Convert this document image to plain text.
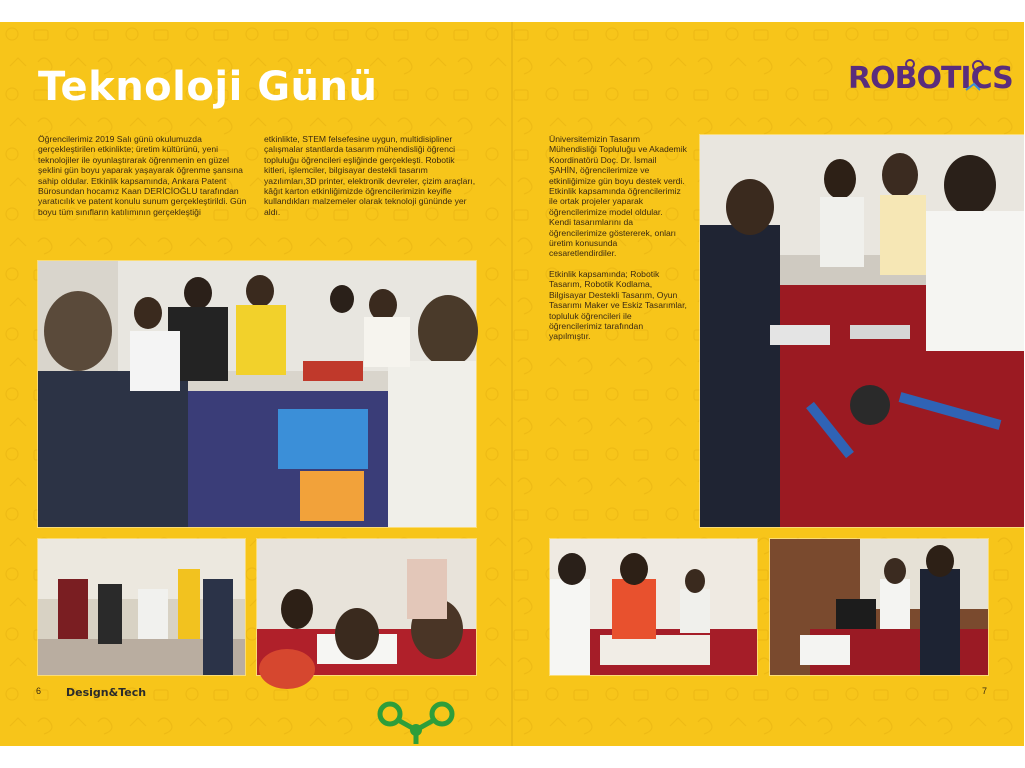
Teknoloji Günü	ROBOTICS

Öğrencilerimiz 2019 Salı günü okulumuzda gerçekleştirilen etkinlikte; üretim kültürünü, yeni teknolojiler ile oyunlaştırarak öğrenmenin en güzel şeklini gün boyu yaparak yaşayarak öğrenme şansına sahip oldular. Etkinlik kapsamında, Ankara Patent Bürosundan hocamız Kaan DERİCİOĞLU tarafından yaratıcılık ve patent konulu sunum gerçekleştirildi. Gün boyu tüm sınıfların katılımının gerçekleştiği

etkinlikte, STEM felsefesine uygun, multidisipliner çalışmalar stantlarda tasarım mühendisliği öğrenci topluluğu öğrencileri eşliğinde gerçekleşti. Robotik kitleri, işlemciler, bilgisayar destekli tasarım yazılımları,3D printer, elektronik devreler, çizim araçları, kâğıt karton etkinliğimizde öğrencilerimizin keyifle kullandıkları malzemeler olarak teknoloji gününde yer aldı.

Üniversitemizin Tasarım Mühendisliği Topluluğu ve Akademik Koordinatörü Doç. Dr. İsmail ŞAHİN, öğrencilerimize ve etkinliğimize gün boyu destek verdi. Etkinlik kapsamında öğrencilerimiz ile ortak projeler yaparak öğrencilerimize model oldular. Kendi tasarımlarını da öğrencilerimize göstererek, onları üretim konusunda cesaretlendirdiler.

Etkinlik kapsamında; Robotik Tasarım, Robotik Kodlama, Bilgisayar Destekli Tasarım, Oyun Tasarımı Maker ve Eskiz Tasarımlar, topluluk öğrencileri ile öğrencilerimiz tarafından yapılmıştır.

6 Design&Tech	7
